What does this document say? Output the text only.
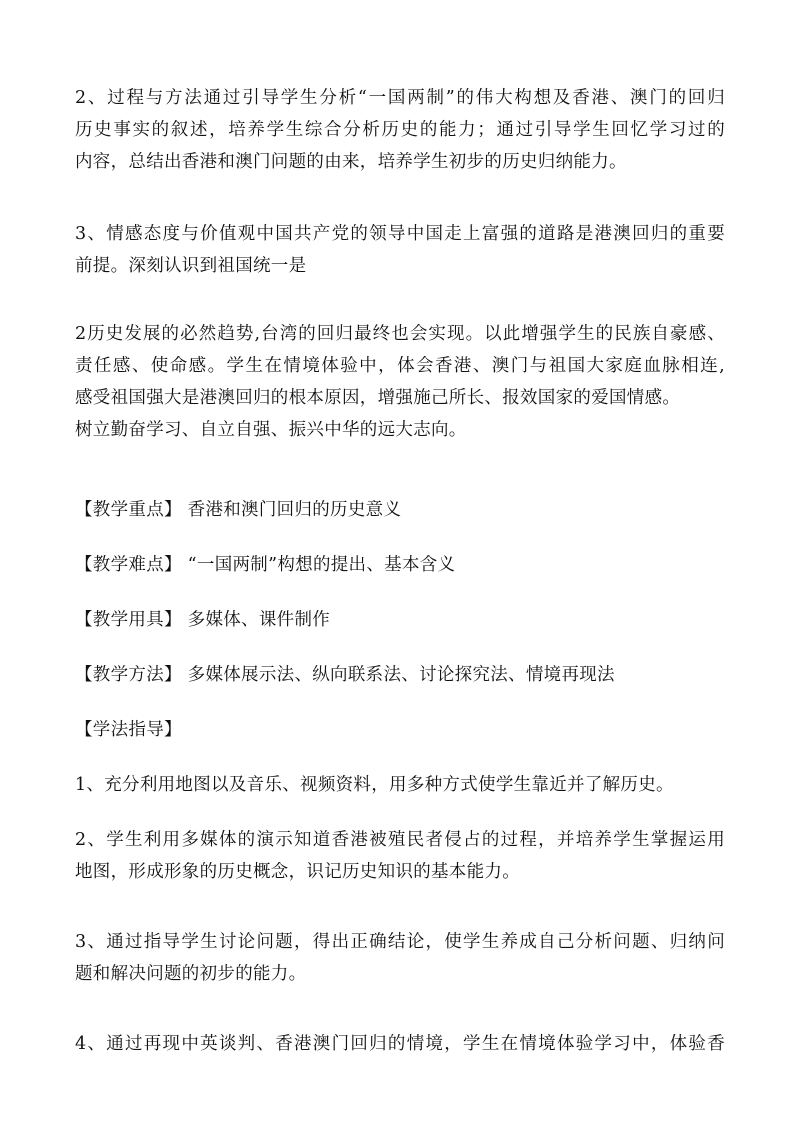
2、过程与方法通过引导学生分析“一国两制”的伟大构想及香港、澳门的回归
历史事实的叙述，培养学生综合分析历史的能力；通过引导学生回忆学习过的
内容，总结出香港和澳门问题的由来，培养学生初步的历史归纳能力。

3、情感态度与价值观中国共产党的领导中国走上富强的道路是港澳回归的重要
前提。深刻认识到祖国统一是

2历史发展的必然趋势,台湾的回归最终也会实现。以此增强学生的民族自豪感、
责任感、使命感。学生在情境体验中，体会香港、澳门与祖国大家庭血脉相连,
感受祖国强大是港澳回归的根本原因，增强施己所长、报效国家的爱国情感。
树立勤奋学习、自立自强、振兴中华的远大志向。

【教学重点】 香港和澳门回归的历史意义

【教学难点】 “一国两制”构想的提出、基本含义

【教学用具】 多媒体、课件制作

【教学方法】 多媒体展示法、纵向联系法、讨论探究法、情境再现法

【学法指导】

1、充分利用地图以及音乐、视频资料，用多种方式使学生靠近并了解历史。

2、学生利用多媒体的演示知道香港被殖民者侵占的过程，并培养学生掌握运用
地图，形成形象的历史概念，识记历史知识的基本能力。

3、通过指导学生讨论问题，得出正确结论，使学生养成自己分析问题、归纳问
题和解决问题的初步的能力。

4、通过再现中英谈判、香港澳门回归的情境，学生在情境体验学习中，体验香
